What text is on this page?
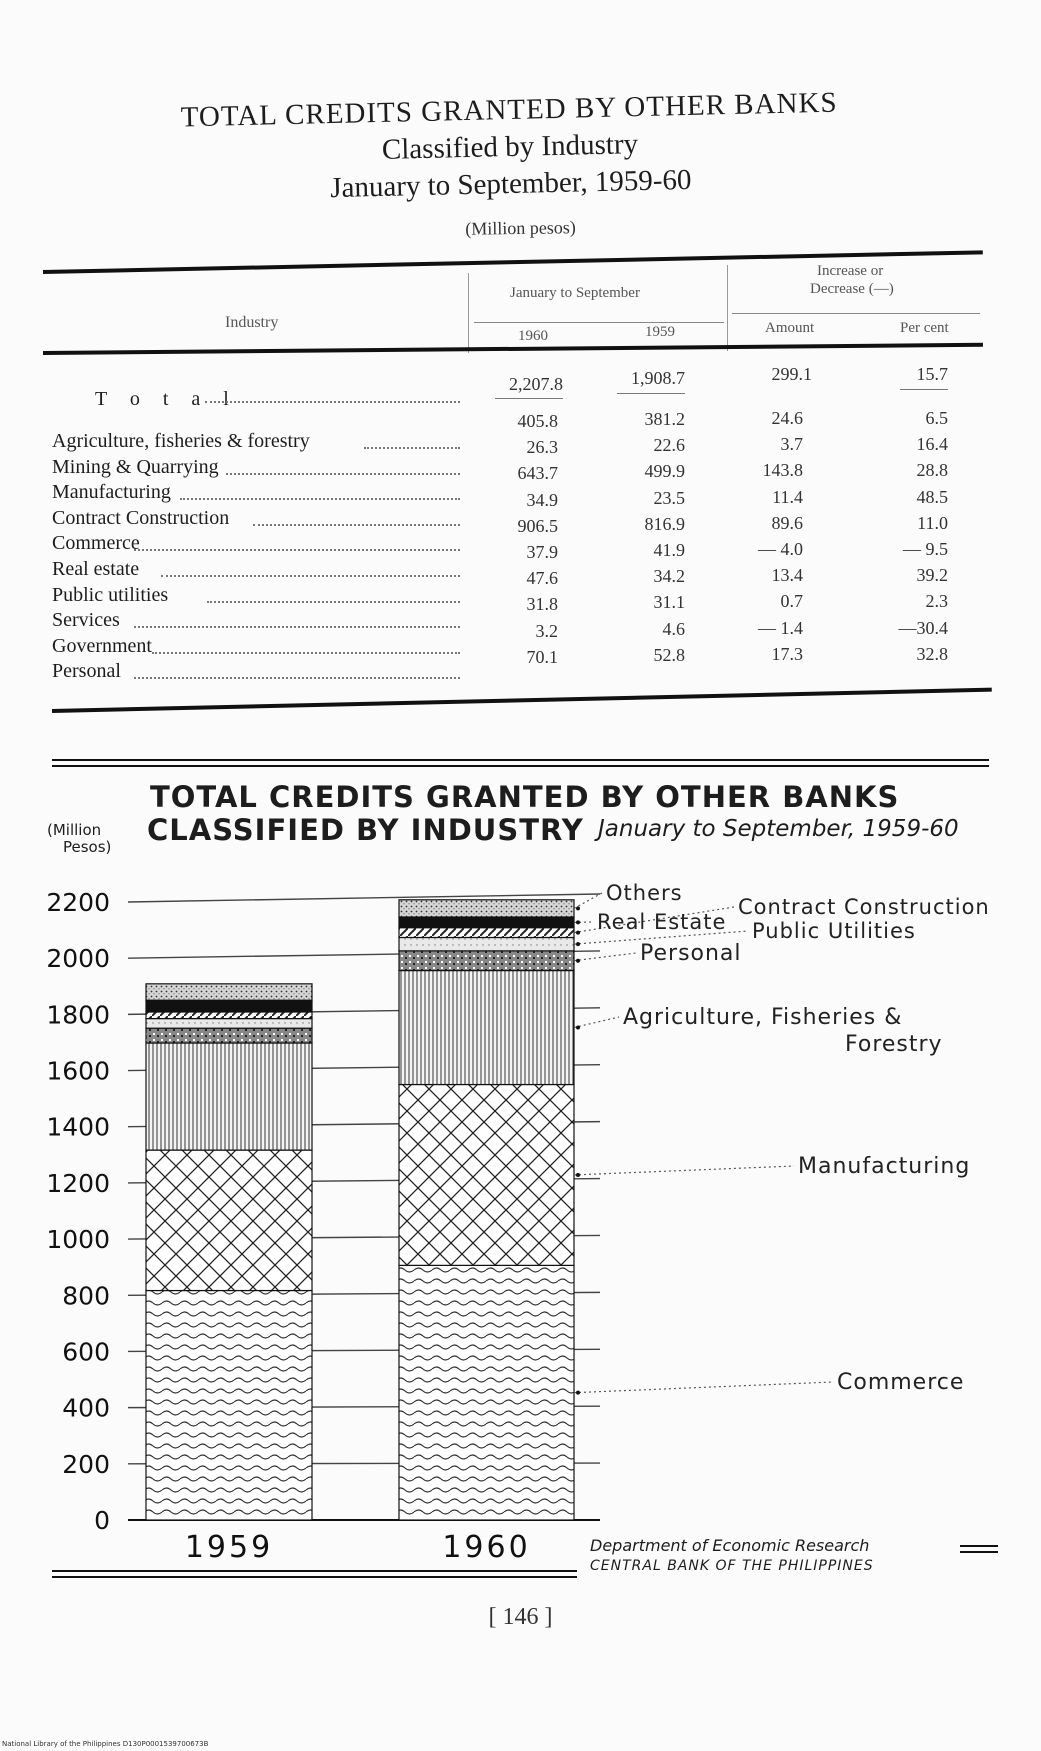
TOTAL CREDITS GRANTED BY OTHER BANKS
Classified by Industry
January to September, 1959-60
(Million pesos)
Industry
January to September
Increase or
Decrease (—)
1960	1959	Amount	Per cent
T o t a l
2,207.8	1,908.7	299.1	15.7
Agriculture, fisheries & forestry
405.8	381.2	24.6	6.5
Mining & Quarrying
26.3	22.6	3.7	16.4
Manufacturing
643.7	499.9	143.8	28.8
Contract Construction
34.9	23.5	11.4	48.5
Commerce
906.5	816.9	89.6	11.0
Real estate
37.9	41.9	— 4.0	— 9.5
Public utilities
47.6	34.2	13.4	39.2
Services
31.8	31.1	0.7	2.3
Government
3.2	4.6	— 1.4	—30.4
Personal
70.1	52.8	17.3	32.8
TOTAL CREDITS GRANTED BY OTHER BANKS
CLASSIFIED BY INDUSTRY January to September, 1959-60
(Million
Pesos)
0
200
400
600
800
1000
1200
1400
1600
1800
2000
2200
1959	1960
Others
Contract Construction
Real Estate Public Utilities
Personal
Agriculture, Fisheries &
Forestry
Manufacturing
Commerce
Department of Economic Research
CENTRAL BANK OF THE PHILIPPINES
[ 146 ]
National Library of the Philippines D130P0001539700673B
